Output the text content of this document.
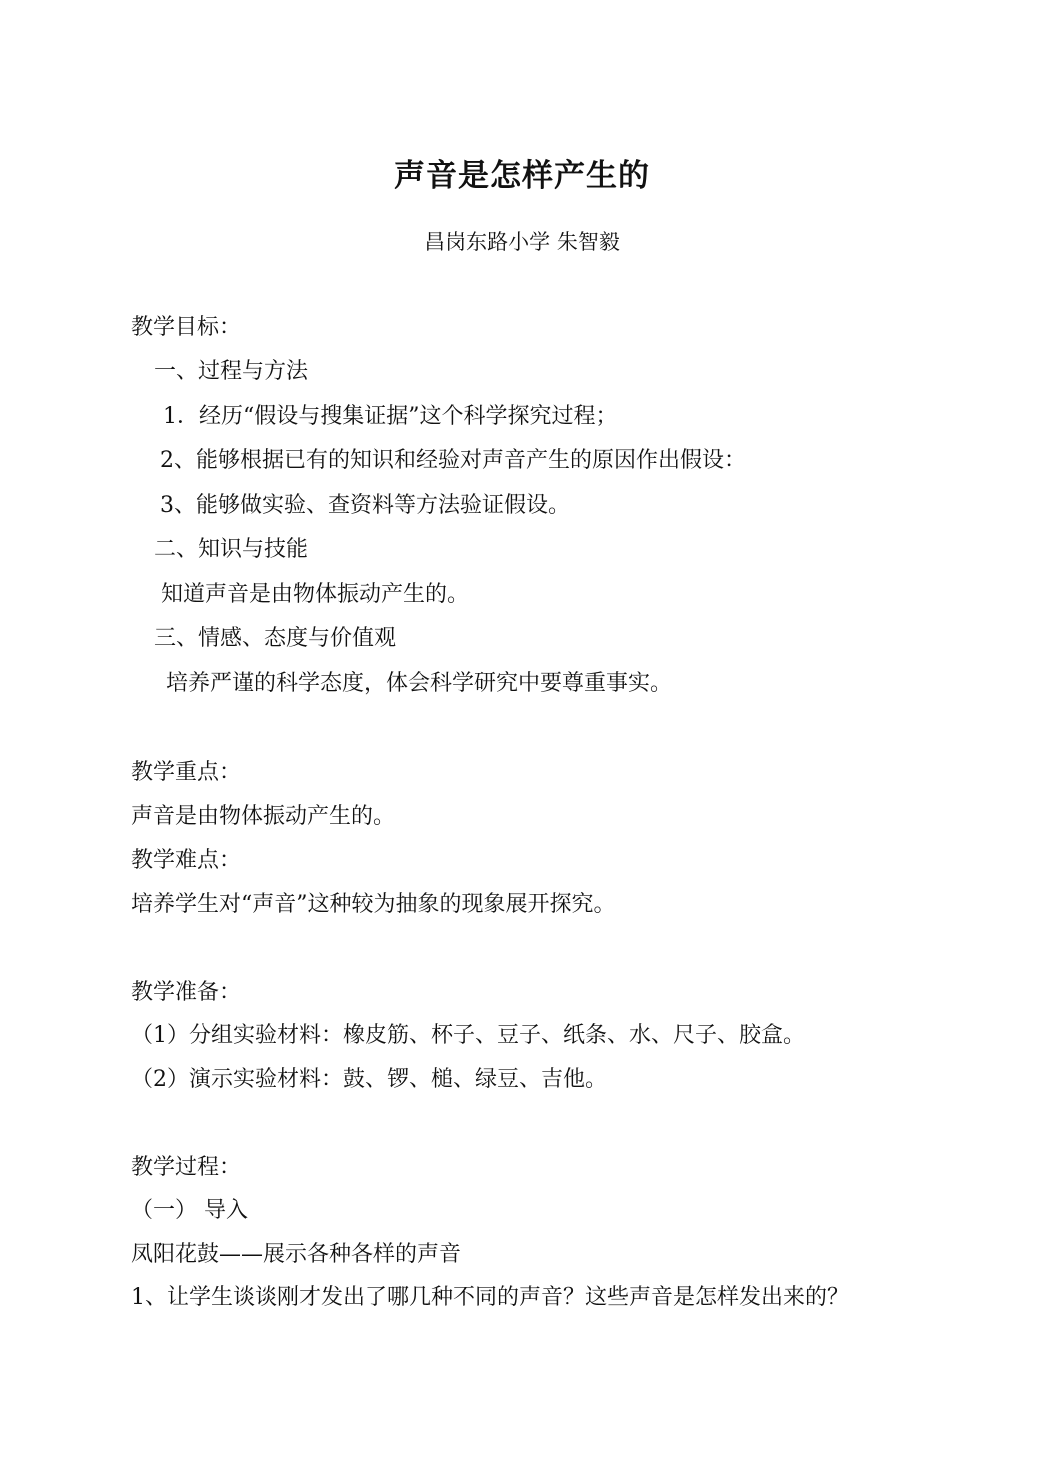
声音是怎样产生的
昌岗东路小学 朱智毅
教学目标：
一、过程与方法
1．经历“假设与搜集证据”这个科学探究过程；
2、能够根据已有的知识和经验对声音产生的原因作出假设：
3、能够做实验、查资料等方法验证假设。
二、知识与技能
知道声音是由物体振动产生的。
三、情感、态度与价值观
培养严谨的科学态度，体会科学研究中要尊重事实。
教学重点：
声音是由物体振动产生的。
教学难点：
培养学生对“声音”这种较为抽象的现象展开探究。
教学准备：
（1）分组实验材料：橡皮筋、杯子、豆子、纸条、水、尺子、胶盒。
（2）演示实验材料：鼓、锣、槌、绿豆、吉他。
教学过程：
（一） 导入
凤阳花鼓——展示各种各样的声音
1、让学生谈谈刚才发出了哪几种不同的声音？这些声音是怎样发出来的？
